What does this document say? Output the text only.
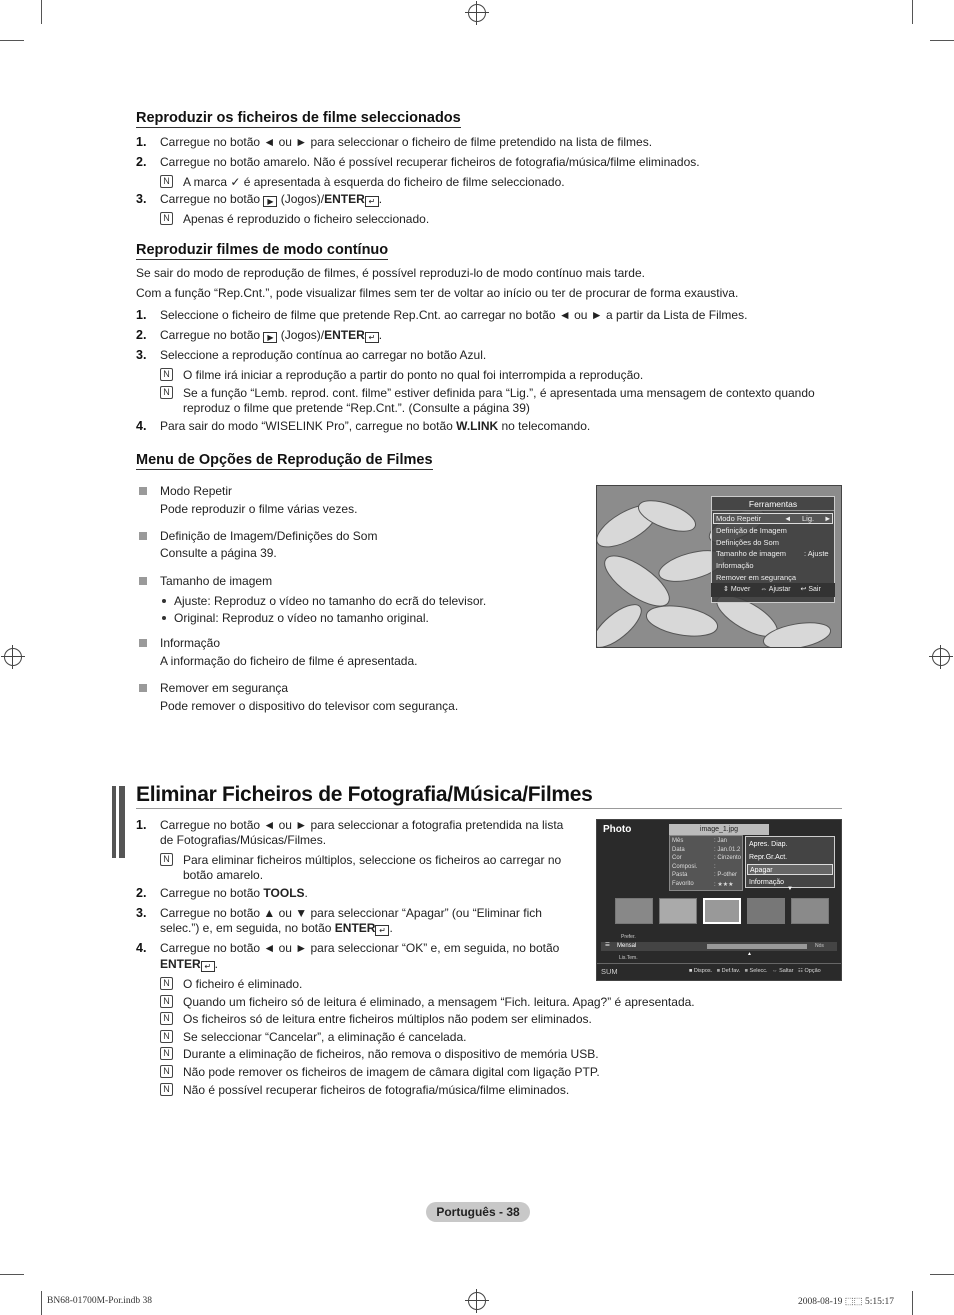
Reproduzir os ficheiros de filme seleccionados
1. Carregue no botão ◄ ou ► para seleccionar o ficheiro de filme pretendido na lista de filmes.
2. Carregue no botão amarelo. Não é possível recuperar ficheiros de fotografia/música/filme eliminados.
N A marca ✓ é apresentada à esquerda do ficheiro de filme seleccionado.
3. Carregue no botão ▶ (Jogos)/ENTER ↵ .
N Apenas é reproduzido o ficheiro seleccionado.
Reproduzir filmes de modo contínuo
Se sair do modo de reprodução de filmes, é possível reproduzi-lo de modo contínuo mais tarde.
Com a função “Rep.Cnt.”, pode visualizar filmes sem ter de voltar ao início ou ter de procurar de forma exaustiva.
1. Seleccione o ficheiro de filme que pretende Rep.Cnt. ao carregar no botão ◄ ou ► a partir da Lista de Filmes.
2. Carregue no botão ▶ (Jogos)/ENTER ↵ .
3. Seleccione a reprodução contínua ao carregar no botão Azul.
N O filme irá iniciar a reprodução a partir do ponto no qual foi interrompida a reprodução.
N Se a função “Lemb. reprod. cont. filme” estiver definida para “Lig.”, é apresentada uma mensagem de contexto quando
reproduz o filme que pretende “Rep.Cnt.”. (Consulte a página 39)
4. Para sair do modo “WISELINK Pro”, carregue no botão W.LINK no telecomando.
Menu de Opções de Reprodução de Filmes
Modo Repetir
Pode reproduzir o filme várias vezes.
Definição de Imagem/Definições do Som
Consulte a página 39.
Tamanho de imagem
Ajuste: Reproduz o vídeo no tamanho do ecrã do televisor.
Original: Reproduz o vídeo no tamanho original.
Informação
A informação do ficheiro de filme é apresentada.
Remover em segurança
Pode remover o dispositivo do televisor com segurança.
Ferramentas
Modo Repetir	◄ Lig. ►
Definição de Imagem
Definições do Som
Tamanho de imagem : Ajuste
Informação
Remover em segurança
⇕ Mover ⇔ Ajustar ↩ Sair
Eliminar Ficheiros de Fotografia/Música/Filmes
1. Carregue no botão ◄ ou ► para seleccionar a fotografia pretendida na lista
de Fotografias/Músicas/Filmes.
N Para eliminar ficheiros múltiplos, seleccione os ficheiros ao carregar no
botão amarelo.
2. Carregue no botão TOOLS.
3. Carregue no botão ▲ ou ▼ para seleccionar “Apagar” (ou “Eliminar fich
selec.”) e, em seguida, no botão ENTER ↵ .
4. Carregue no botão ◄ ou ► para seleccionar “OK” e, em seguida, no botão
ENTER ↵ .
N O ficheiro é eliminado.
N Quando um ficheiro só de leitura é eliminado, a mensagem “Fich. leitura. Apag?” é apresentada.
N Os ficheiros só de leitura entre ficheiros múltiplos não podem ser eliminados.
N Se seleccionar “Cancelar”, a eliminação é cancelada.
N Durante a eliminação de ficheiros, não remova o dispositivo de memória USB.
N Não pode remover os ficheiros de imagem de câmara digital com ligação PTP.
N Não é possível recuperar ficheiros de fotografia/música/filme eliminados.
Photo	image_1.jpg
Mês	: Jan
Data	: Jan.01.2
Cor	: Cinzento
Composi.	:
Pasta	: P-other
Favorito	: ★★★
Apres. Diap.
Repr.Gr.Act.
Apagar
Informação
▼
Prefer.
☰ Mensal	Nós
▲
Lis.Tem.
SUM	■ Dispos. ■ Def.fav. ■ Selecc. ⇔ Saltar ☷ Opção
Português - 38
BN68-01700M-Por.indb 38	2008-08-19 ⬚⬚ 5:15:17
